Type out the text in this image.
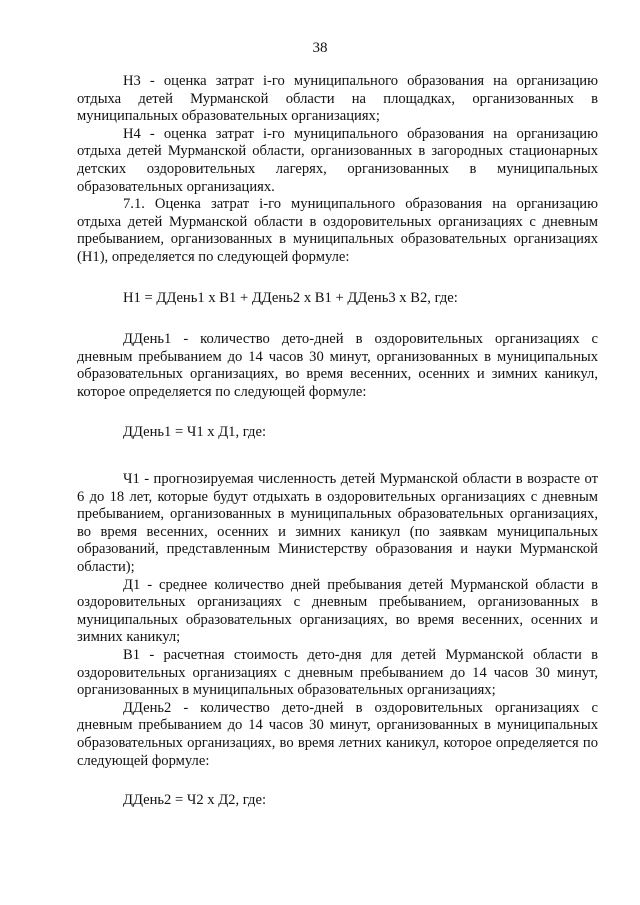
38

Н3 - оценка затрат i-го муниципального образования на организацию отдыха детей Мурманской области на площадках, организованных в муниципальных образовательных организациях;

Н4 - оценка затрат i-го муниципального образования на организацию отдыха детей Мурманской области, организованных в загородных стационарных детских оздоровительных лагерях, организованных в муниципальных образовательных организациях.

7.1. Оценка затрат i-го муниципального образования на организацию отдыха детей Мурманской области в оздоровительных организациях с дневным пребыванием, организованных в муниципальных образовательных организациях (Н1), определяется по следующей формуле:

Н1 = ДДень1 х В1 + ДДень2 х В1 + ДДень3 х В2, где:

ДДень1 - количество дето-дней в оздоровительных организациях с дневным пребыванием до 14 часов 30 минут, организованных в муниципальных образовательных организациях, во время весенних, осенних и зимних каникул, которое определяется по следующей формуле:

ДДень1 = Ч1 х Д1, где:

Ч1 - прогнозируемая численность детей Мурманской области в возрасте от 6 до 18 лет, которые будут отдыхать в оздоровительных организациях с дневным пребыванием, организованных в муниципальных образовательных организациях, во время весенних, осенних и зимних каникул (по заявкам муниципальных образований, представленным Министерству образования и науки Мурманской области);

Д1 - среднее количество дней пребывания детей Мурманской области в оздоровительных организациях с дневным пребыванием, организованных в муниципальных образовательных организациях, во время весенних, осенних и зимних каникул;

В1 - расчетная стоимость дето-дня для детей Мурманской области в оздоровительных организациях с дневным пребыванием до 14 часов 30 минут, организованных в муниципальных образовательных организациях;

ДДень2 - количество дето-дней в оздоровительных организациях с дневным пребыванием до 14 часов 30 минут, организованных в муниципальных образовательных организациях, во время летних каникул, которое определяется по следующей формуле:

ДДень2 = Ч2 х Д2, где:
